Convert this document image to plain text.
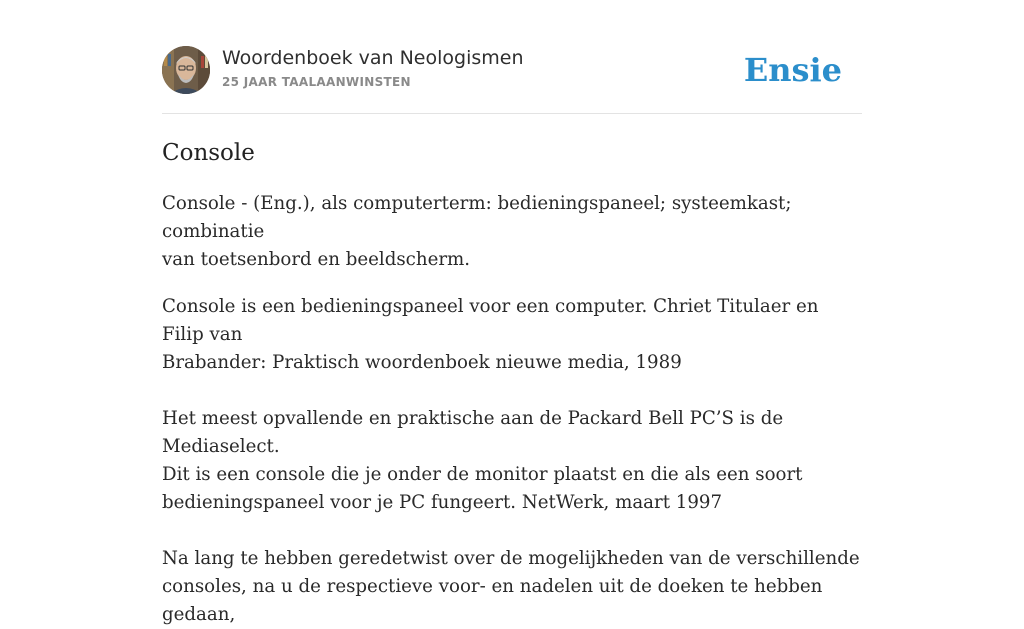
Woordenboek van Neologismen
25 JAAR TAALAANWINSTEN	Ensie
Console

Console - (Eng.), als computerterm: bedieningspaneel; systeemkast; combinatie
van toetsenbord en beeldscherm.

Console is een bedieningspaneel voor een computer. Chriet Titulaer en Filip van
Brabander: Praktisch woordenboek nieuwe media, 1989

Het meest opvallende en praktische aan de Packard Bell PC’S is de Mediaselect.
Dit is een console die je onder de monitor plaatst en die als een soort
bedieningspaneel voor je PC fungeert. NetWerk, maart 1997

Na lang te hebben geredetwist over de mogelijkheden van de verschillende
consoles, na u de respectieve voor- en nadelen uit de doeken te hebben gedaan,
